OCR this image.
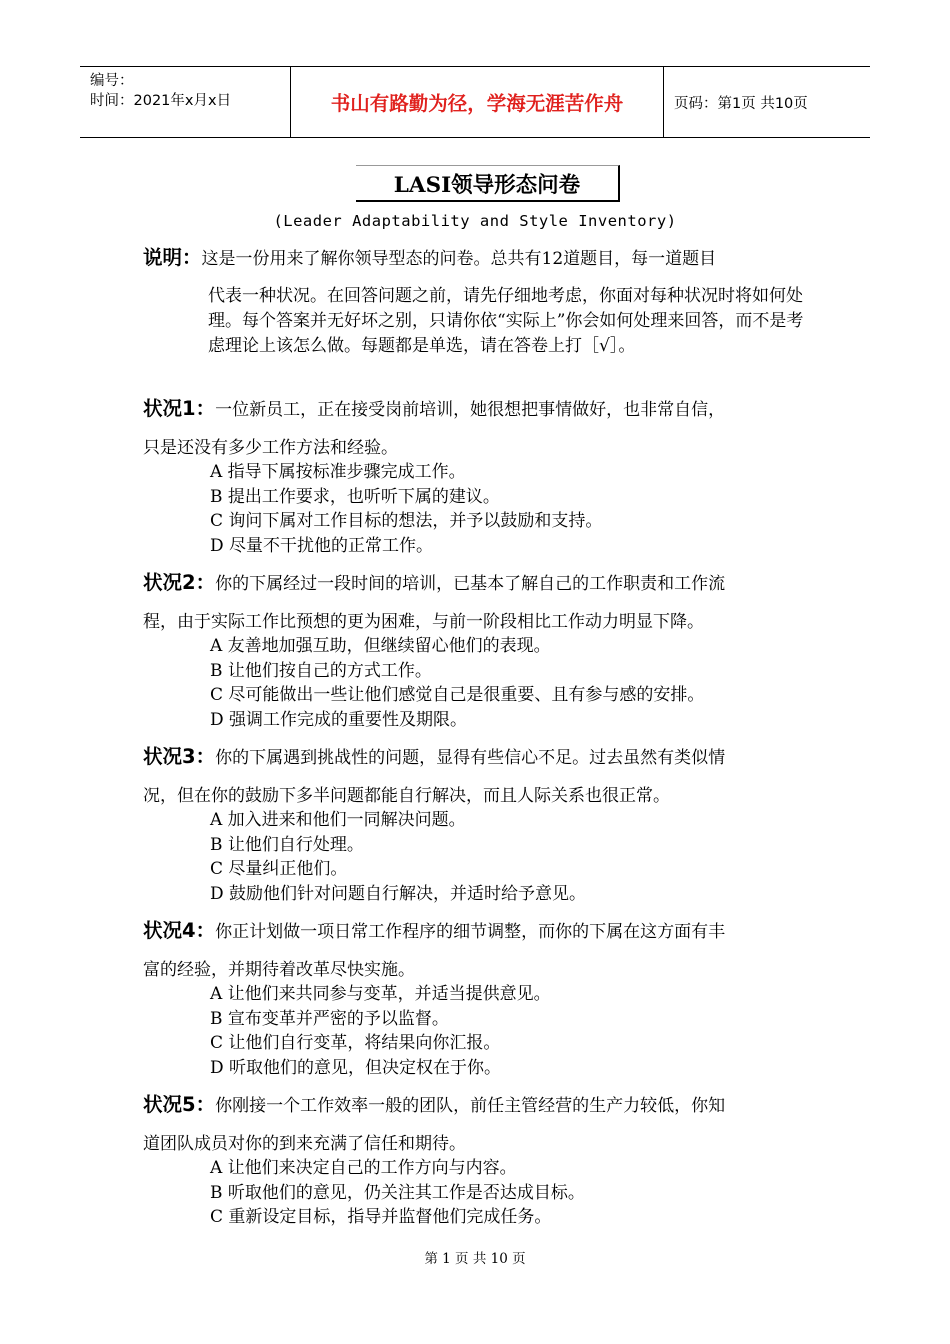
编号：
时间：2021年x月x日	书山有路勤为径，学海无涯苦作舟	页码：第1页 共10页
LASI领导形态问卷
(Leader Adaptability and Style Inventory)
说明：这是一份用来了解你领导型态的问卷。总共有12道题目，每一道题目
代表一种状况。在回答问题之前，请先仔细地考虑，你面对每种状况时将如何处理。每个答案并无好坏之别，只请你依“实际上”你会如何处理来回答，而不是考虑理论上该怎么做。每题都是单选，请在答卷上打［√］。
状况1：一位新员工，正在接受岗前培训，她很想把事情做好，也非常自信，
只是还没有多少工作方法和经验。
A 指导下属按标准步骤完成工作。
B 提出工作要求，也听听下属的建议。
C 询问下属对工作目标的想法，并予以鼓励和支持。
D 尽量不干扰他的正常工作。
状况2：你的下属经过一段时间的培训，已基本了解自己的工作职责和工作流
程，由于实际工作比预想的更为困难，与前一阶段相比工作动力明显下降。
A 友善地加强互助，但继续留心他们的表现。
B 让他们按自己的方式工作。
C 尽可能做出一些让他们感觉自己是很重要、且有参与感的安排。
D 强调工作完成的重要性及期限。
状况3：你的下属遇到挑战性的问题，显得有些信心不足。过去虽然有类似情
况，但在你的鼓励下多半问题都能自行解决，而且人际关系也很正常。
A 加入进来和他们一同解决问题。
B 让他们自行处理。
C 尽量纠正他们。
D 鼓励他们针对问题自行解决，并适时给予意见。
状况4：你正计划做一项日常工作程序的细节调整，而你的下属在这方面有丰
富的经验，并期待着改革尽快实施。
A 让他们来共同参与变革，并适当提供意见。
B 宣布变革并严密的予以监督。
C 让他们自行变革，将结果向你汇报。
D 听取他们的意见，但决定权在于你。
状况5：你刚接一个工作效率一般的团队，前任主管经营的生产力较低，你知
道团队成员对你的到来充满了信任和期待。
A 让他们来决定自己的工作方向与内容。
B 听取他们的意见，仍关注其工作是否达成目标。
C 重新设定目标，指导并监督他们完成任务。
第 1 页 共 10 页
